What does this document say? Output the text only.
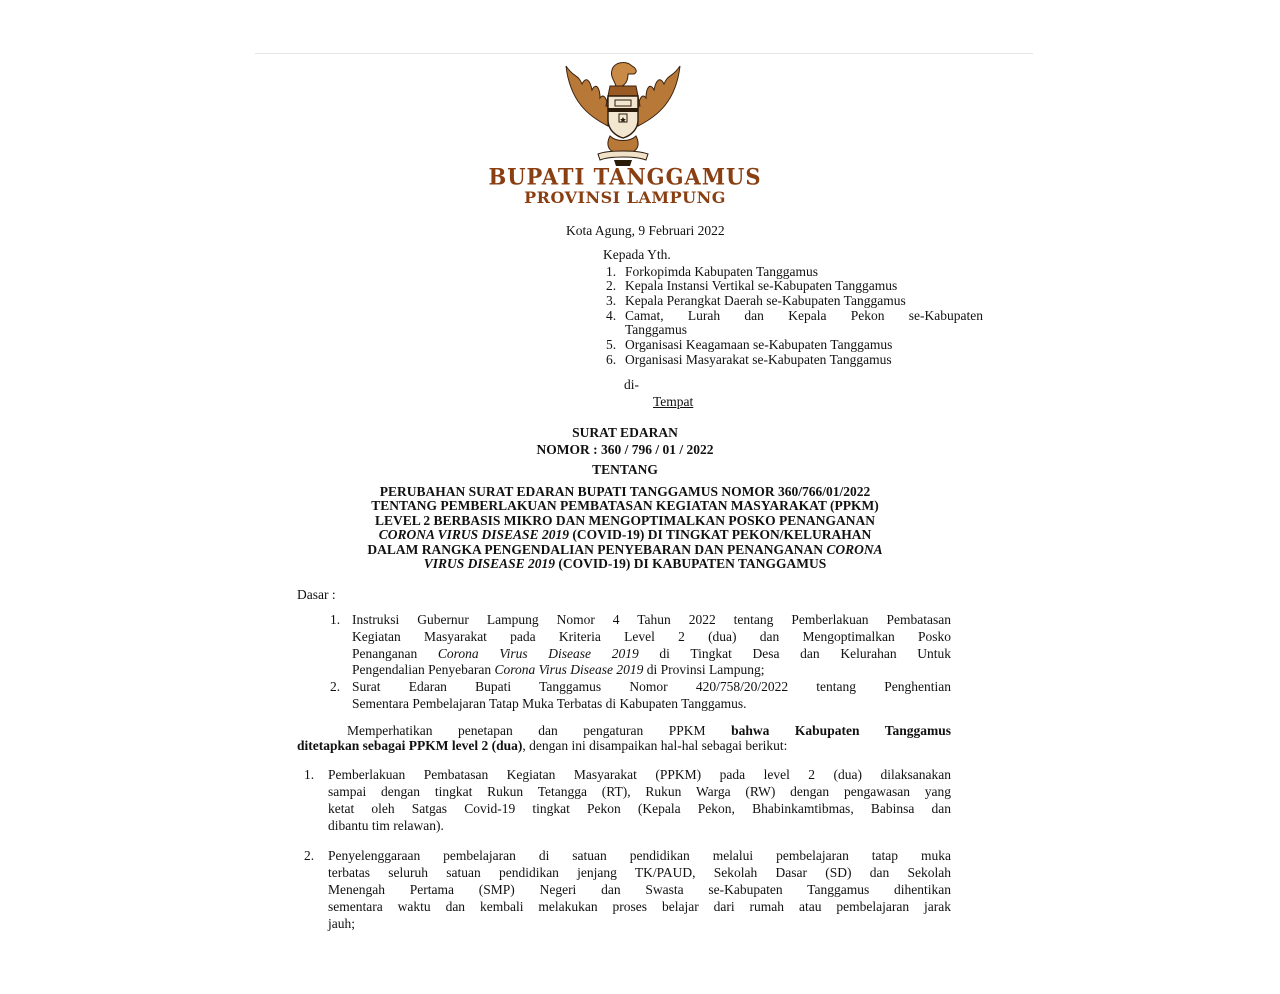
BUPATI TANGGAMUS
PROVINSI LAMPUNG
Kota Agung, 9 Februari 2022
Kepada Yth.
1. Forkopimda Kabupaten Tanggamus
2. Kepala Instansi Vertikal se-Kabupaten Tanggamus
3. Kepala Perangkat Daerah se-Kabupaten Tanggamus
4. Camat, Lurah dan Kepala Pekon se-Kabupaten
Tanggamus
5. Organisasi Keagamaan se-Kabupaten Tanggamus
6. Organisasi Masyarakat se-Kabupaten Tanggamus
di-
Tempat
SURAT EDARAN
NOMOR : 360 / 796 / 01 / 2022
TENTANG
PERUBAHAN SURAT EDARAN BUPATI TANGGAMUS NOMOR 360/766/01/2022
TENTANG PEMBERLAKUAN PEMBATASAN KEGIATAN MASYARAKAT (PPKM)
LEVEL 2 BERBASIS MIKRO DAN MENGOPTIMALKAN POSKO PENANGANAN
CORONA VIRUS DISEASE 2019 (COVID-19) DI TINGKAT PEKON/KELURAHAN
DALAM RANGKA PENGENDALIAN PENYEBARAN DAN PENANGANAN CORONA
VIRUS DISEASE 2019 (COVID-19) DI KABUPATEN TANGGAMUS
Dasar :
1. Instruksi Gubernur Lampung Nomor 4 Tahun 2022 tentang Pemberlakuan Pembatasan
Kegiatan Masyarakat pada Kriteria Level 2 (dua) dan Mengoptimalkan Posko
Penanganan Corona Virus Disease 2019 di Tingkat Desa dan Kelurahan Untuk
Pengendalian Penyebaran Corona Virus Disease 2019 di Provinsi Lampung;
2. Surat Edaran Bupati Tanggamus Nomor 420/758/20/2022 tentang Penghentian
Sementara Pembelajaran Tatap Muka Terbatas di Kabupaten Tanggamus.
Memperhatikan penetapan dan pengaturan PPKM bahwa Kabupaten Tanggamus
ditetapkan sebagai PPKM level 2 (dua), dengan ini disampaikan hal-hal sebagai berikut:
1. Pemberlakuan Pembatasan Kegiatan Masyarakat (PPKM) pada level 2 (dua) dilaksanakan
sampai dengan tingkat Rukun Tetangga (RT), Rukun Warga (RW) dengan pengawasan yang
ketat oleh Satgas Covid-19 tingkat Pekon (Kepala Pekon, Bhabinkamtibmas, Babinsa dan
dibantu tim relawan).
2. Penyelenggaraan pembelajaran di satuan pendidikan melalui pembelajaran tatap muka
terbatas seluruh satuan pendidikan jenjang TK/PAUD, Sekolah Dasar (SD) dan Sekolah
Menengah Pertama (SMP) Negeri dan Swasta se-Kabupaten Tanggamus dihentikan
sementara waktu dan kembali melakukan proses belajar dari rumah atau pembelajaran jarak
jauh;
